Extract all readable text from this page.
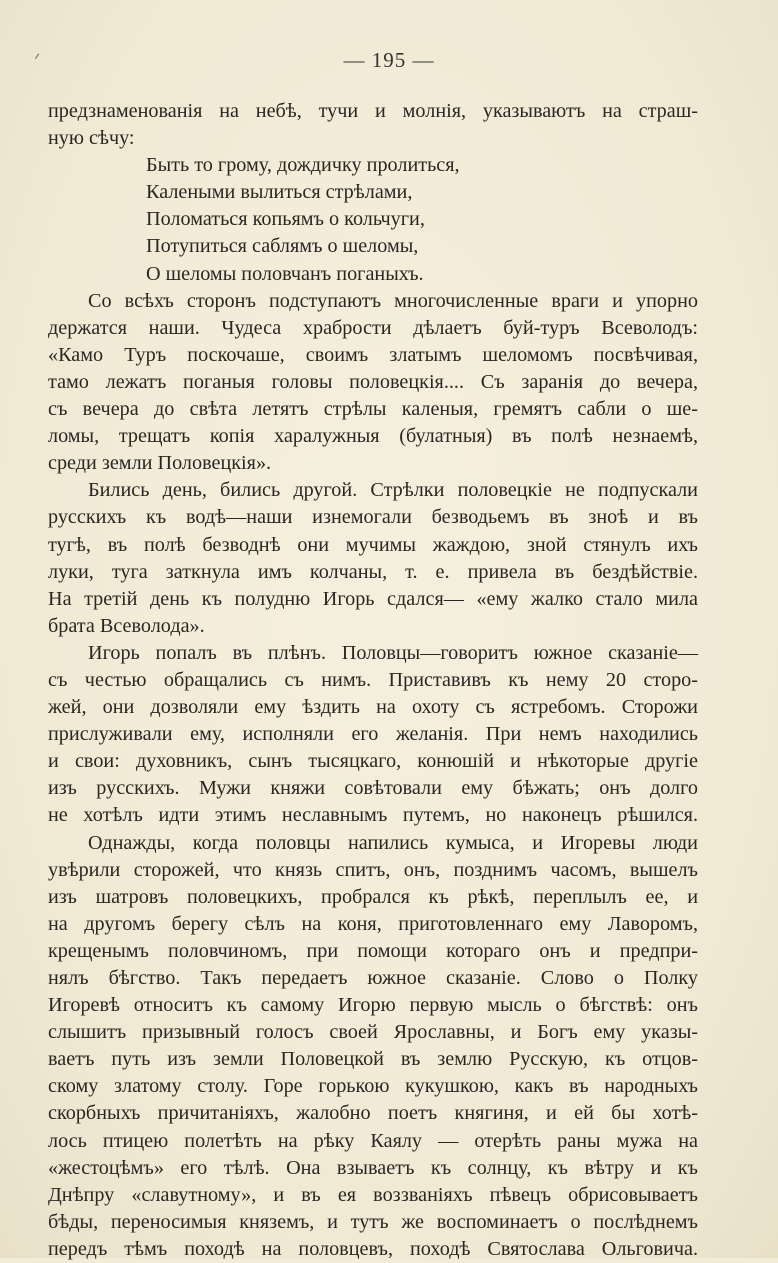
— 195 —
предзнаменованія на небѣ, тучи и молнія, указываютъ на страш-
ную сѣчу:
Быть то грому, дождичку пролиться,
Калеными вылиться стрѣлами,
Поломаться копьямъ о кольчуги,
Потупиться саблямъ о шеломы,
О шеломы половчанъ поганыхъ.
Со всѣхъ сторонъ подступаютъ многочисленные враги и упорно
держатся наши. Чудеса храбрости дѣлаетъ буй-туръ Всеволодъ:
«Камо Туръ поскочаше, своимъ златымъ шеломомъ посвѣчивая,
тамо лежатъ поганыя головы половецкія.... Съ заранія до вечера,
съ вечера до свѣта летятъ стрѣлы каленыя, гремятъ сабли о ше-
ломы, трещатъ копія харалужныя (булатныя) въ полѣ незнаемѣ,
среди земли Половецкія».
Бились день, бились другой. Стрѣлки половецкіе не подпускали
русскихъ къ водѣ—наши изнемогали безводьемъ въ зноѣ и въ
тугѣ, въ полѣ безводнѣ они мучимы жаждою, зной стянулъ ихъ
луки, туга заткнула имъ колчаны, т. е. привела въ бездѣйствіе.
На третій день къ полудню Игорь сдался— «ему жалко стало мила
брата Всеволода».
Игорь попалъ въ плѣнъ. Половцы—говоритъ южное сказаніе—
съ честью обращались съ нимъ. Приставивъ къ нему 20 сторо-
жей, они дозволяли ему ѣздить на охоту съ ястребомъ. Сторожи
прислуживали ему, исполняли его желанія. При немъ находились
и свои: духовникъ, сынъ тысяцкаго, конюшій и нѣкоторые другіе
изъ русскихъ. Мужи княжи совѣтовали ему бѣжать; онъ долго
не хотѣлъ идти этимъ неславнымъ путемъ, но наконецъ рѣшился.
Однажды, когда половцы напились кумыса, и Игоревы люди
увѣрили сторожей, что князь спитъ, онъ, позднимъ часомъ, вышелъ
изъ шатровъ половецкихъ, пробрался къ рѣкѣ, переплылъ ее, и
на другомъ берегу сѣлъ на коня, приготовленнаго ему Лаворомъ,
крещенымъ половчиномъ, при помощи котораго онъ и предпри-
нялъ бѣгство. Такъ передаетъ южное сказаніе. Слово о Полку
Игоревѣ относитъ къ самому Игорю первую мысль о бѣгствѣ: онъ
слышитъ призывный голосъ своей Ярославны, и Богъ ему указы-
ваетъ путь изъ земли Половецкой въ землю Русскую, къ отцов-
скому златому столу. Горе горькою кукушкою, какъ въ народныхъ
скорбныхъ причитаніяхъ, жалобно поетъ княгиня, и ей бы хотѣ-
лось птицею полетѣть на рѣку Каялу — отерѣть раны мужа на
«жестоцѣмъ» его тѣлѣ. Она взываетъ къ солнцу, къ вѣтру и къ
Днѣпру «славутному», и въ ея воззваніяхъ пѣвецъ обрисовываетъ
бѣды, переносимыя княземъ, и тутъ же воспоминаетъ о послѣднемъ
передъ тѣмъ походѣ на половцевъ, походѣ Святослава Ольговича.
